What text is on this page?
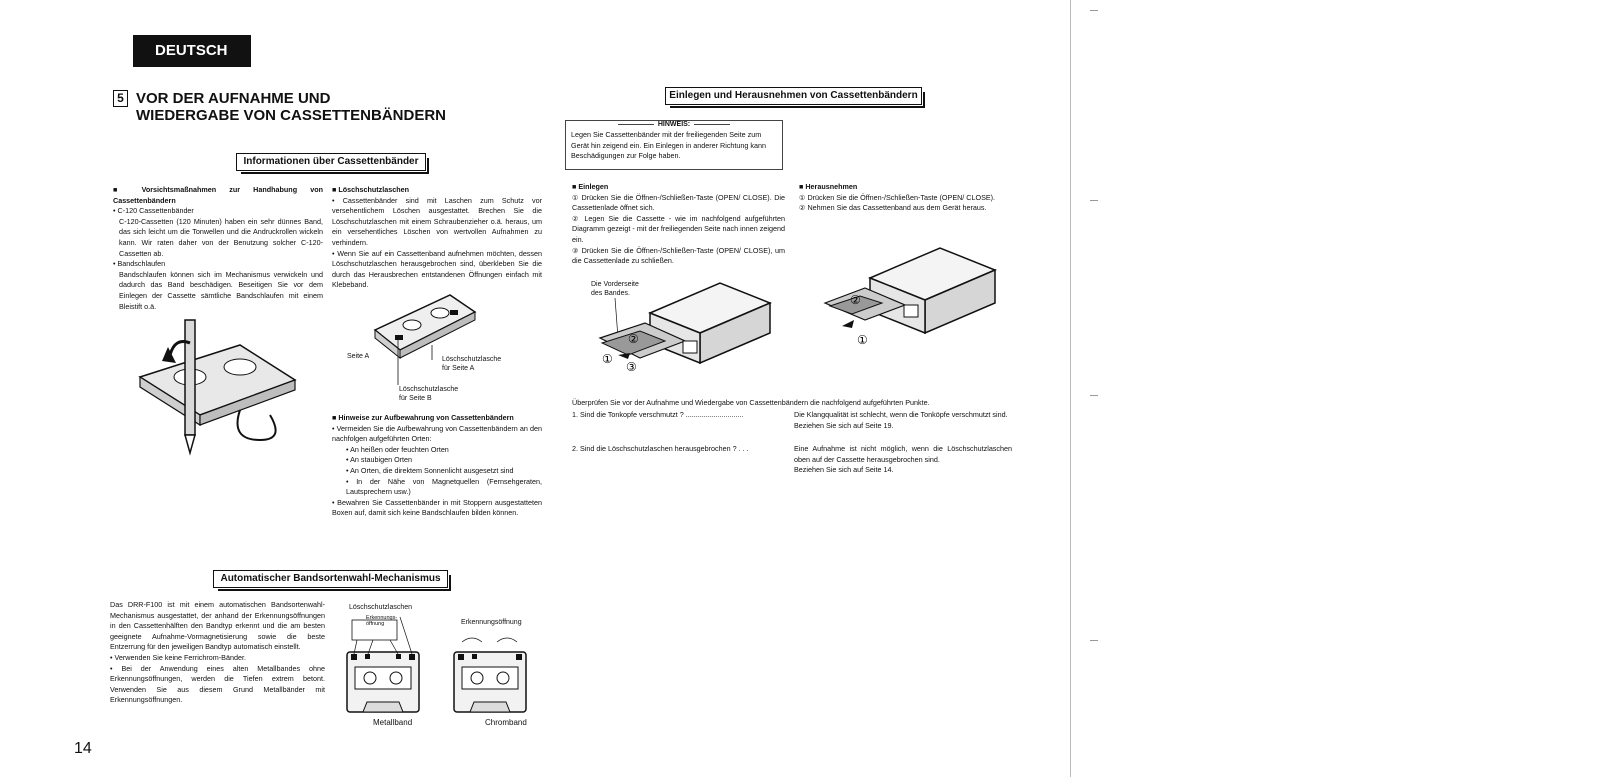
DEUTSCH
5 VOR DER AUFNAHME UND
WIEDERGABE VON CASSETTENBÄNDERN
Informationen über Cassettenbänder
■ Vorsichtsmaßnahmen zur Handhabung von Cassettenbändern
• C-120 Cassettenbänder
C-120-Cassetten (120 Minuten) haben ein sehr dünnes Band, das sich leicht um die Tonwellen und die Andruckrollen wickeln kann. Wir raten daher von der Benutzung solcher C-120-Cassetten ab.
• Bandschlaufen
Bandschlaufen können sich im Mechanismus verwickeln und dadurch das Band beschädigen. Beseitigen Sie vor dem Einlegen der Cassette sämtliche Bandschlaufen mit einem Bleistift o.ä.
■ Löschschutzlaschen
• Cassettenbänder sind mit Laschen zum Schutz vor versehentlichem Löschen ausgestattet. Brechen Sie die Löschschutzlaschen mit einem Schraubenzieher o.ä. heraus, um ein versehentliches Löschen von wertvollen Aufnahmen zu verhindern.
• Wenn Sie auf ein Cassettenband aufnehmen möchten, dessen Löschschutzlaschen herausgebrochen sind, überkleben Sie die durch das Herausbrechen entstandenen Öffnungen einfach mit Klebeband.
Seite A	Löschschutzlasche
für Seite A
Löschschutzlasche
für Seite B
■ Hinweise zur Aufbewahrung von Cassettenbändern
• Vermeiden Sie die Aufbewahrung von Cassettenbändern an den nachfolgen aufgeführten Orten:
• An heißen oder feuchten Orten
• An staubigen Orten
• An Orten, die direktem Sonnenlicht ausgesetzt sind
• In der Nähe von Magnetquellen (Fernsehgeraten, Lautsprechern usw.)
• Bewahren Sie Cassettenbänder in mit Stoppern ausgestatteten Boxen auf, damit sich keine Bandschlaufen bilden können.
Automatischer Bandsortenwahl-Mechanismus
Das DRR-F100 ist mit einem automatischen Bandsortenwahl-Mechanismus ausgestattet, der anhand der Erkennungsöffnungen in den Cassettenhälften den Bandtyp erkennt und die am besten geeignete Aufnahme-Vormagnetisierung sowie die beste Entzerrung für den jeweiligen Bandtyp automatisch einstellt.
• Verwenden Sie keine Ferrichrom-Bänder.
• Bei der Anwendung eines alten Metallbandes ohne Erkennungsöffnungen, werden die Tiefen extrem betont. Verwenden Sie aus diesem Grund Metallbänder mit Erkennungsöffnungen.
Löschschutzlaschen
Erkennungs-
öffnung	Erkennungsöffnung
Metallband	Chromband
Einlegen und Herausnehmen von Cassettenbändern
HINWEIS:
Legen Sie Cassettenbänder mit der freiliegenden Seite zum Gerät hin zeigend ein. Ein Einlegen in anderer Richtung kann Beschädigungen zur Folge haben.
■ Einlegen
① Drücken Sie die Öffnen-/Schließen-Taste (OPEN/ CLOSE). Die Cassettenlade öffnet sich.
② Legen Sie die Cassette - wie im nachfolgend aufgeführten Diagramm gezeigt - mit der freiliegenden Seite nach innen zeigend ein.
③ Drücken Sie die Öffnen-/Schließen-Taste (OPEN/ CLOSE), um die Cassettenlade zu schließen.
■ Herausnehmen
① Drücken Sie die Öffnen-/Schließen-Taste (OPEN/ CLOSE).
② Nehmen Sie das Cassettenband aus dem Gerät heraus.
Die Vorderseite
des Bandes.
②
①
③
②
①
Überprüfen Sie vor der Aufnahme und Wiedergabe von Cassettenbändern die nachfolgend aufgeführten Punkte.
1. Sind die Tonkopfe verschmutzt ? .............................	Die Klangqualität ist schlecht, wenn die Tonköpfe verschmutzt sind.
Beziehen Sie sich auf Seite 19.
2. Sind die Löschschutzlaschen herausgebrochen ? . . .	Eine Aufnahme ist nicht möglich, wenn die Löschschutzlaschen oben auf der Cassette herausgebrochen sind.
Beziehen Sie sich auf Seite 14.
14
